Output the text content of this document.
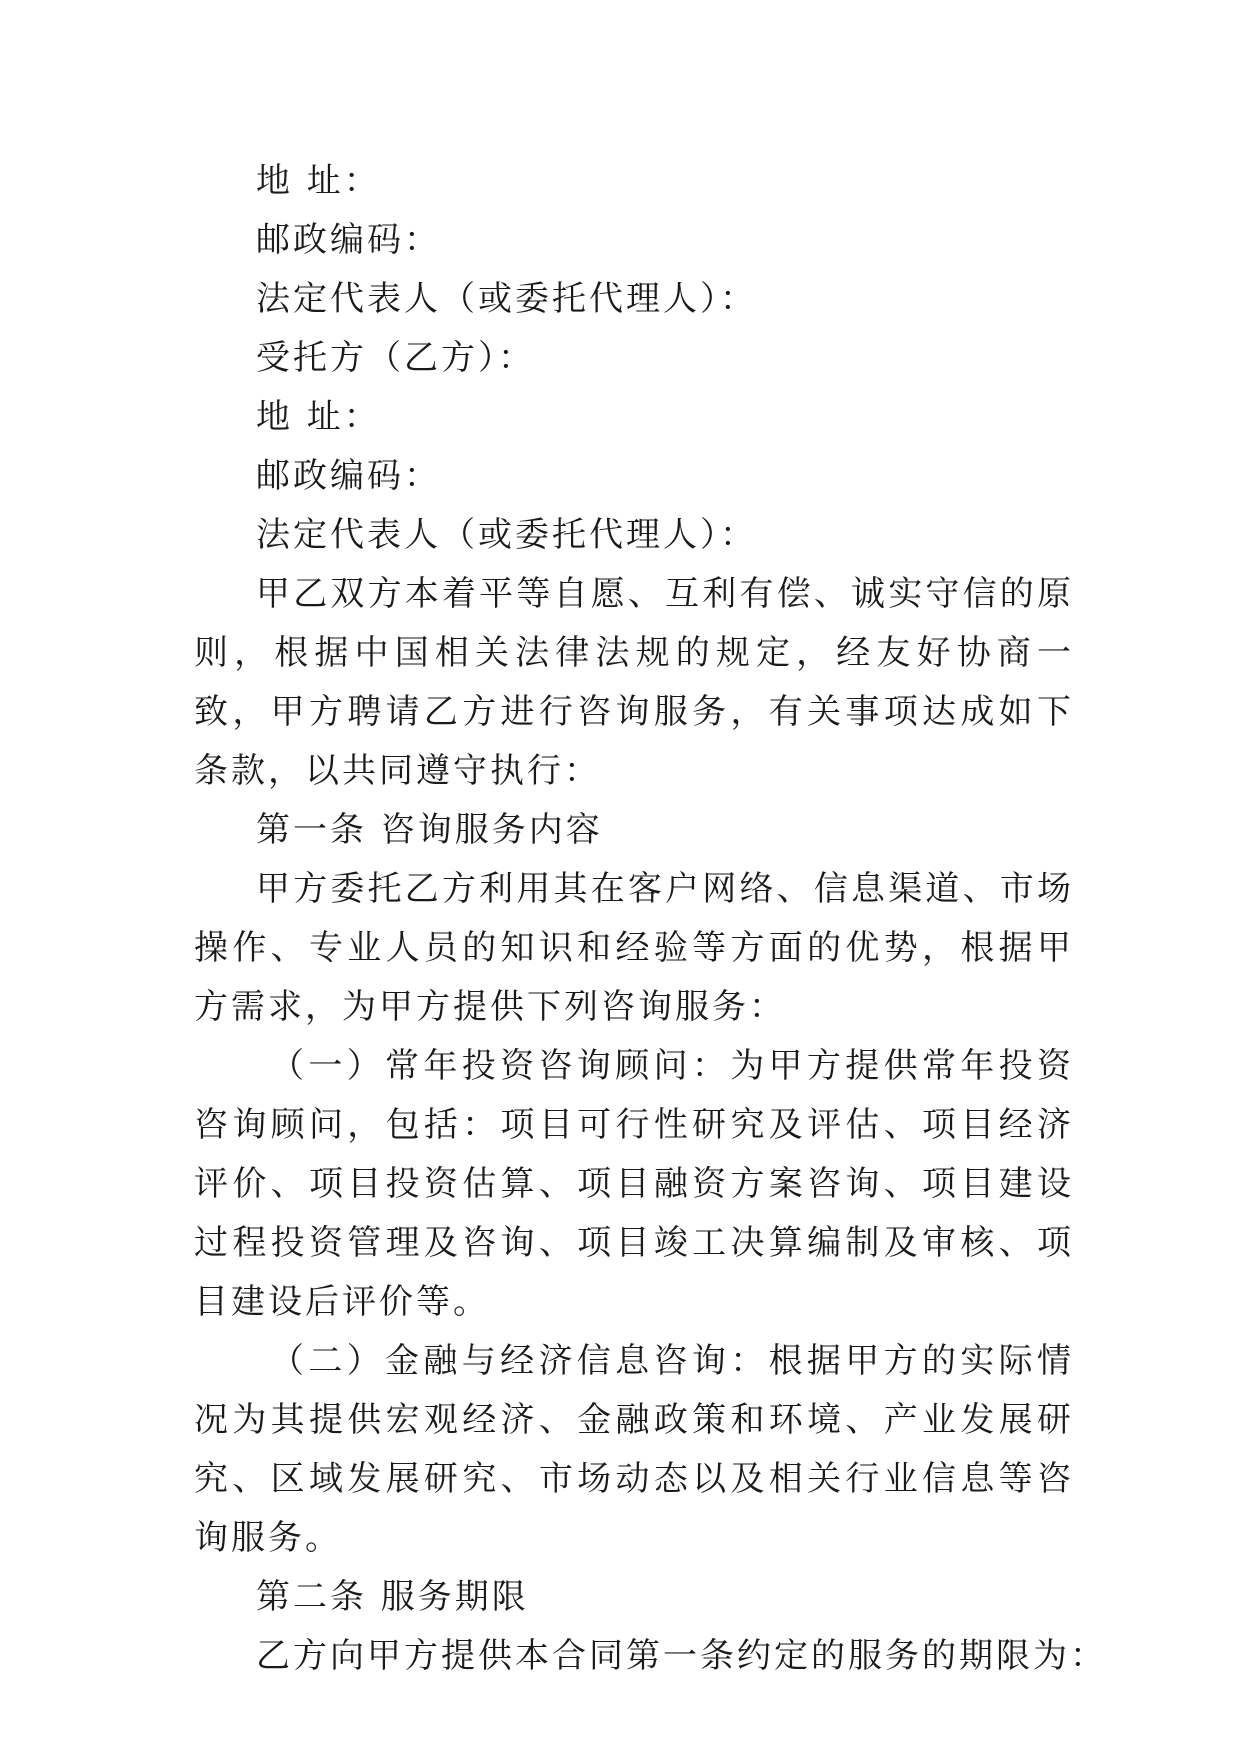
地 址：

邮政编码：

法定代表人（或委托代理人）：

受托方（乙方）：

地 址：

邮政编码：

法定代表人（或委托代理人）：

甲乙双方本着平等自愿、互利有偿、诚实守信的原则，根据中国相关法律法规的规定，经友好协商一致，甲方聘请乙方进行咨询服务，有关事项达成如下条款，以共同遵守执行：

第一条 咨询服务内容

甲方委托乙方利用其在客户网络、信息渠道、市场操作、专业人员的知识和经验等方面的优势，根据甲方需求，为甲方提供下列咨询服务：

（一）常年投资咨询顾问：为甲方提供常年投资咨询顾问，包括：项目可行性研究及评估、项目经济评价、项目投资估算、项目融资方案咨询、项目建设过程投资管理及咨询、项目竣工决算编制及审核、项目建设后评价等。

（二）金融与经济信息咨询：根据甲方的实际情况为其提供宏观经济、金融政策和环境、产业发展研究、区域发展研究、市场动态以及相关行业信息等咨询服务。

第二条 服务期限

乙方向甲方提供本合同第一条约定的服务的期限为：
